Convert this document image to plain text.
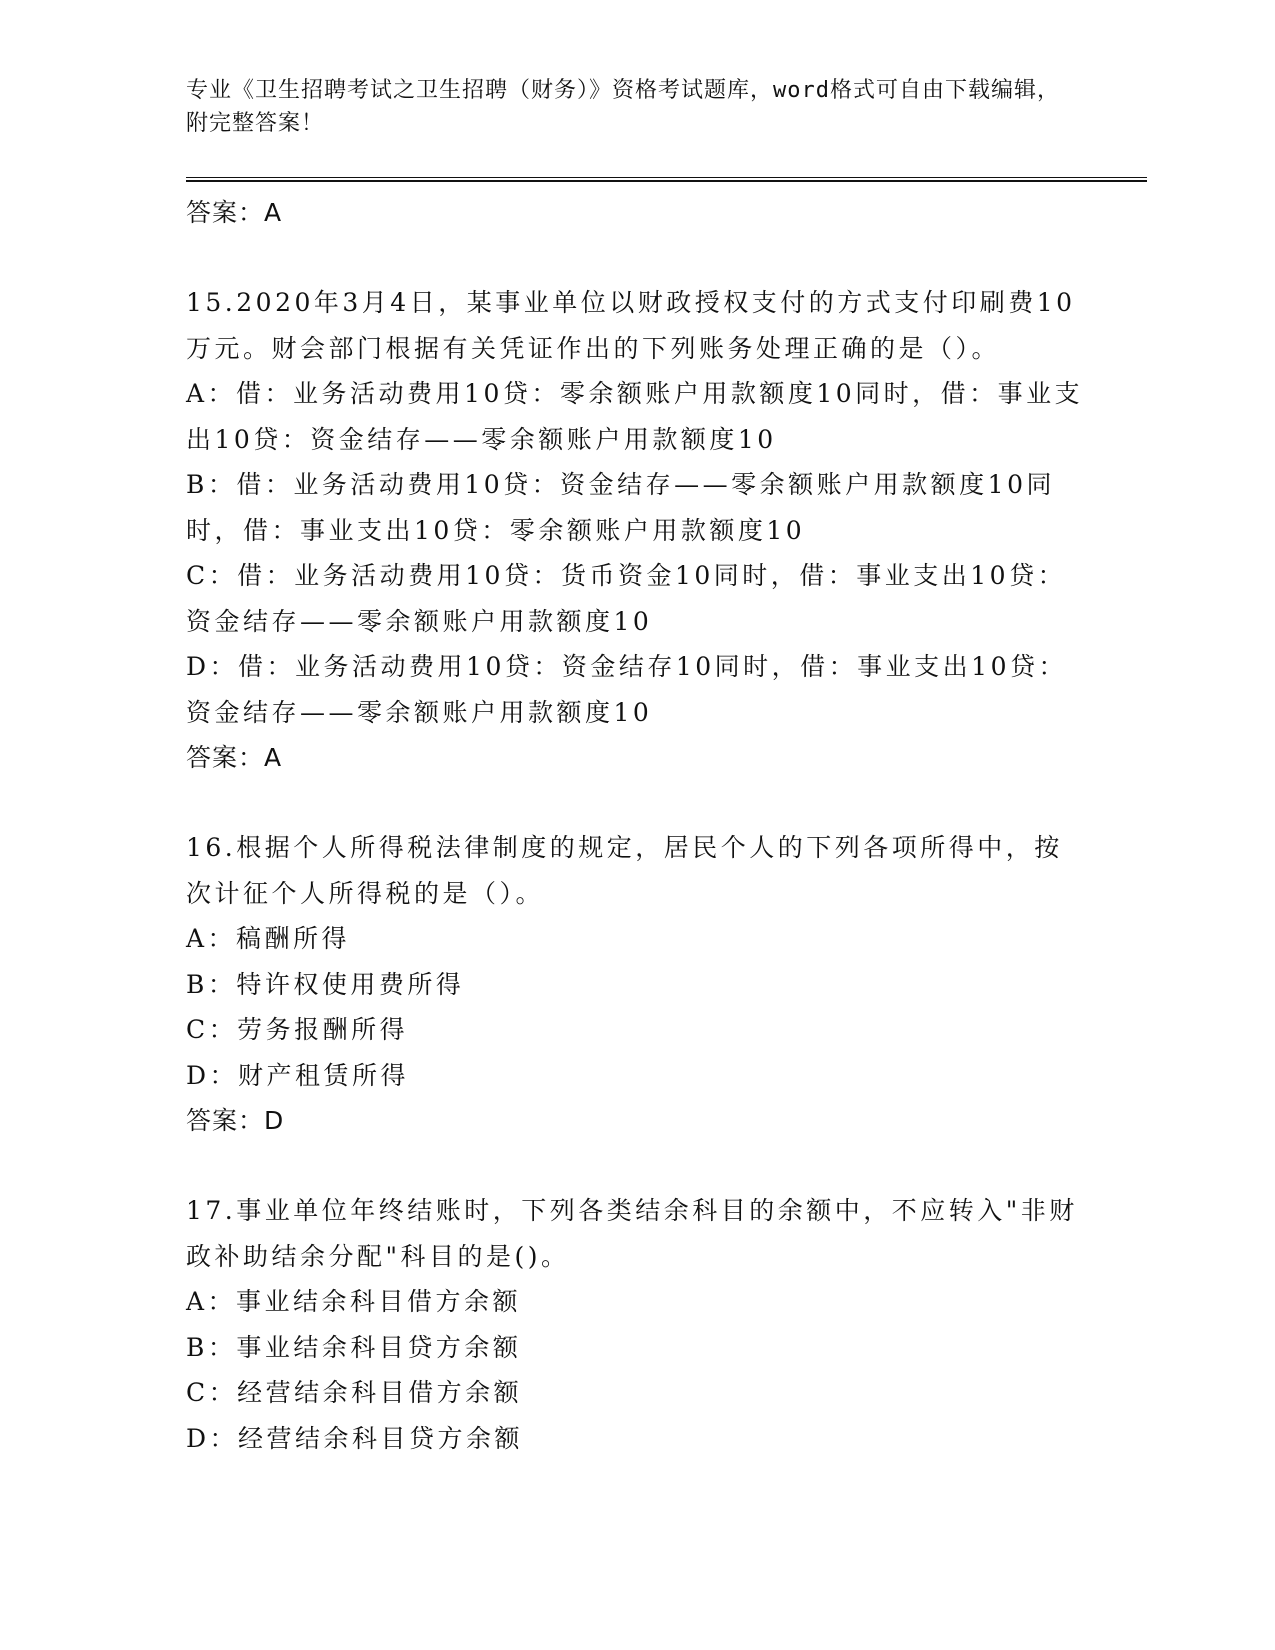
专业《卫生招聘考试之卫生招聘（财务）》资格考试题库，word格式可自由下载编辑，附完整答案！
答案：A
15.2020年3月4日，某事业单位以财政授权支付的方式支付印刷费10万元。财会部门根据有关凭证作出的下列账务处理正确的是（）。
A：借：业务活动费用10贷：零余额账户用款额度10同时，借：事业支出10贷：资金结存——零余额账户用款额度10
B：借：业务活动费用10贷：资金结存——零余额账户用款额度10同时，借：事业支出10贷：零余额账户用款额度10
C：借：业务活动费用10贷：货币资金10同时，借：事业支出10贷：资金结存——零余额账户用款额度10
D：借：业务活动费用10贷：资金结存10同时，借：事业支出10贷：资金结存——零余额账户用款额度10
答案：A
16.根据个人所得税法律制度的规定，居民个人的下列各项所得中，按次计征个人所得税的是（）。
A：稿酬所得
B：特许权使用费所得
C：劳务报酬所得
D：财产租赁所得
答案：D
17.事业单位年终结账时，下列各类结余科目的余额中，不应转入"非财政补助结余分配"科目的是()。
A：事业结余科目借方余额
B：事业结余科目贷方余额
C：经营结余科目借方余额
D：经营结余科目贷方余额
